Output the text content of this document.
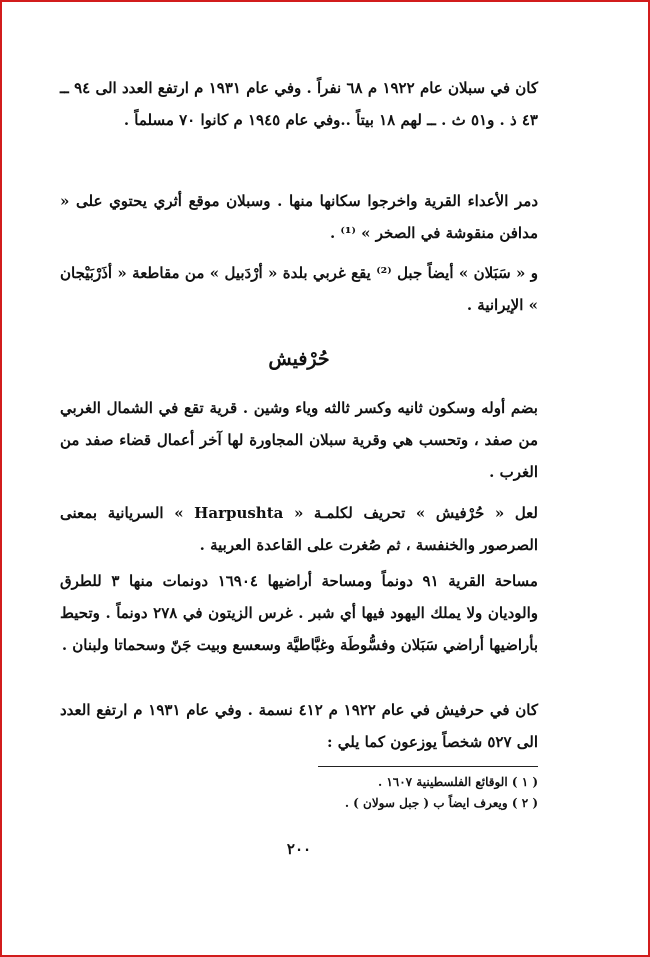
كان في سبلان عام ١٩٢٢ م ٦٨ نفراً . وفي عام ١٩٣١ م ارتفع العدد الى ٩٤ ــ ٤٣ ذ . و٥١ ث . ــ لهم ١٨ بيتاً ..وفي عام ١٩٤٥ م كانوا ٧٠ مسلماً .

دمر الأعداء القرية واخرجوا سكانها منها . وسبلان موقع أثري يحتوي على « مدافن منقوشة في الصخر » ⁽¹⁾ .

و « سَبَلان » أيضاً جبل ⁽²⁾ يقع غربي بلدة « أرْدَبيل » من مقاطعة « أذَرْبَيْجان » الإيرانية .

حُرْفيش

بضم أوله وسكون ثانيه وكسر ثالثه وياء وشين . قرية تقع في الشمال الغربي من صفد ، وتحسب هي وقرية سبلان المجاورة لها آخر أعمال قضاء صفد من الغرب .

لعل « حُرْفيش » تحريف لكلمـة « Harpushta » السريانية بمعنى الصرصور والخنفسة ، ثم صُغرت على القاعدة العربية .

مساحة القرية ٩١ دونماً ومساحة أراضيها ١٦٩٠٤ دونمات منها ٣ للطرق والوديان ولا يملك اليهود فيها أي شبر . غرس الزيتون في ٢٧٨ دونماً . وتحيط بأراضيها أراضي سَبَلان وفسُّوطَة وغبَّاطيَّة وسعسع وبيت جَنّ وسحماتا ولبنان .

كان في حرفيش في عام ١٩٢٢ م ٤١٢ نسمة . وفي عام ١٩٣١ م ارتفع العدد الى ٥٢٧ شخصاً يوزعون كما يلي :

( ١ ) الوقائع الفلسطينية ١٦٠٧ .

( ٢ ) ويعرف ايضاً ب ( جبل سولان ) .

٢٠٠
